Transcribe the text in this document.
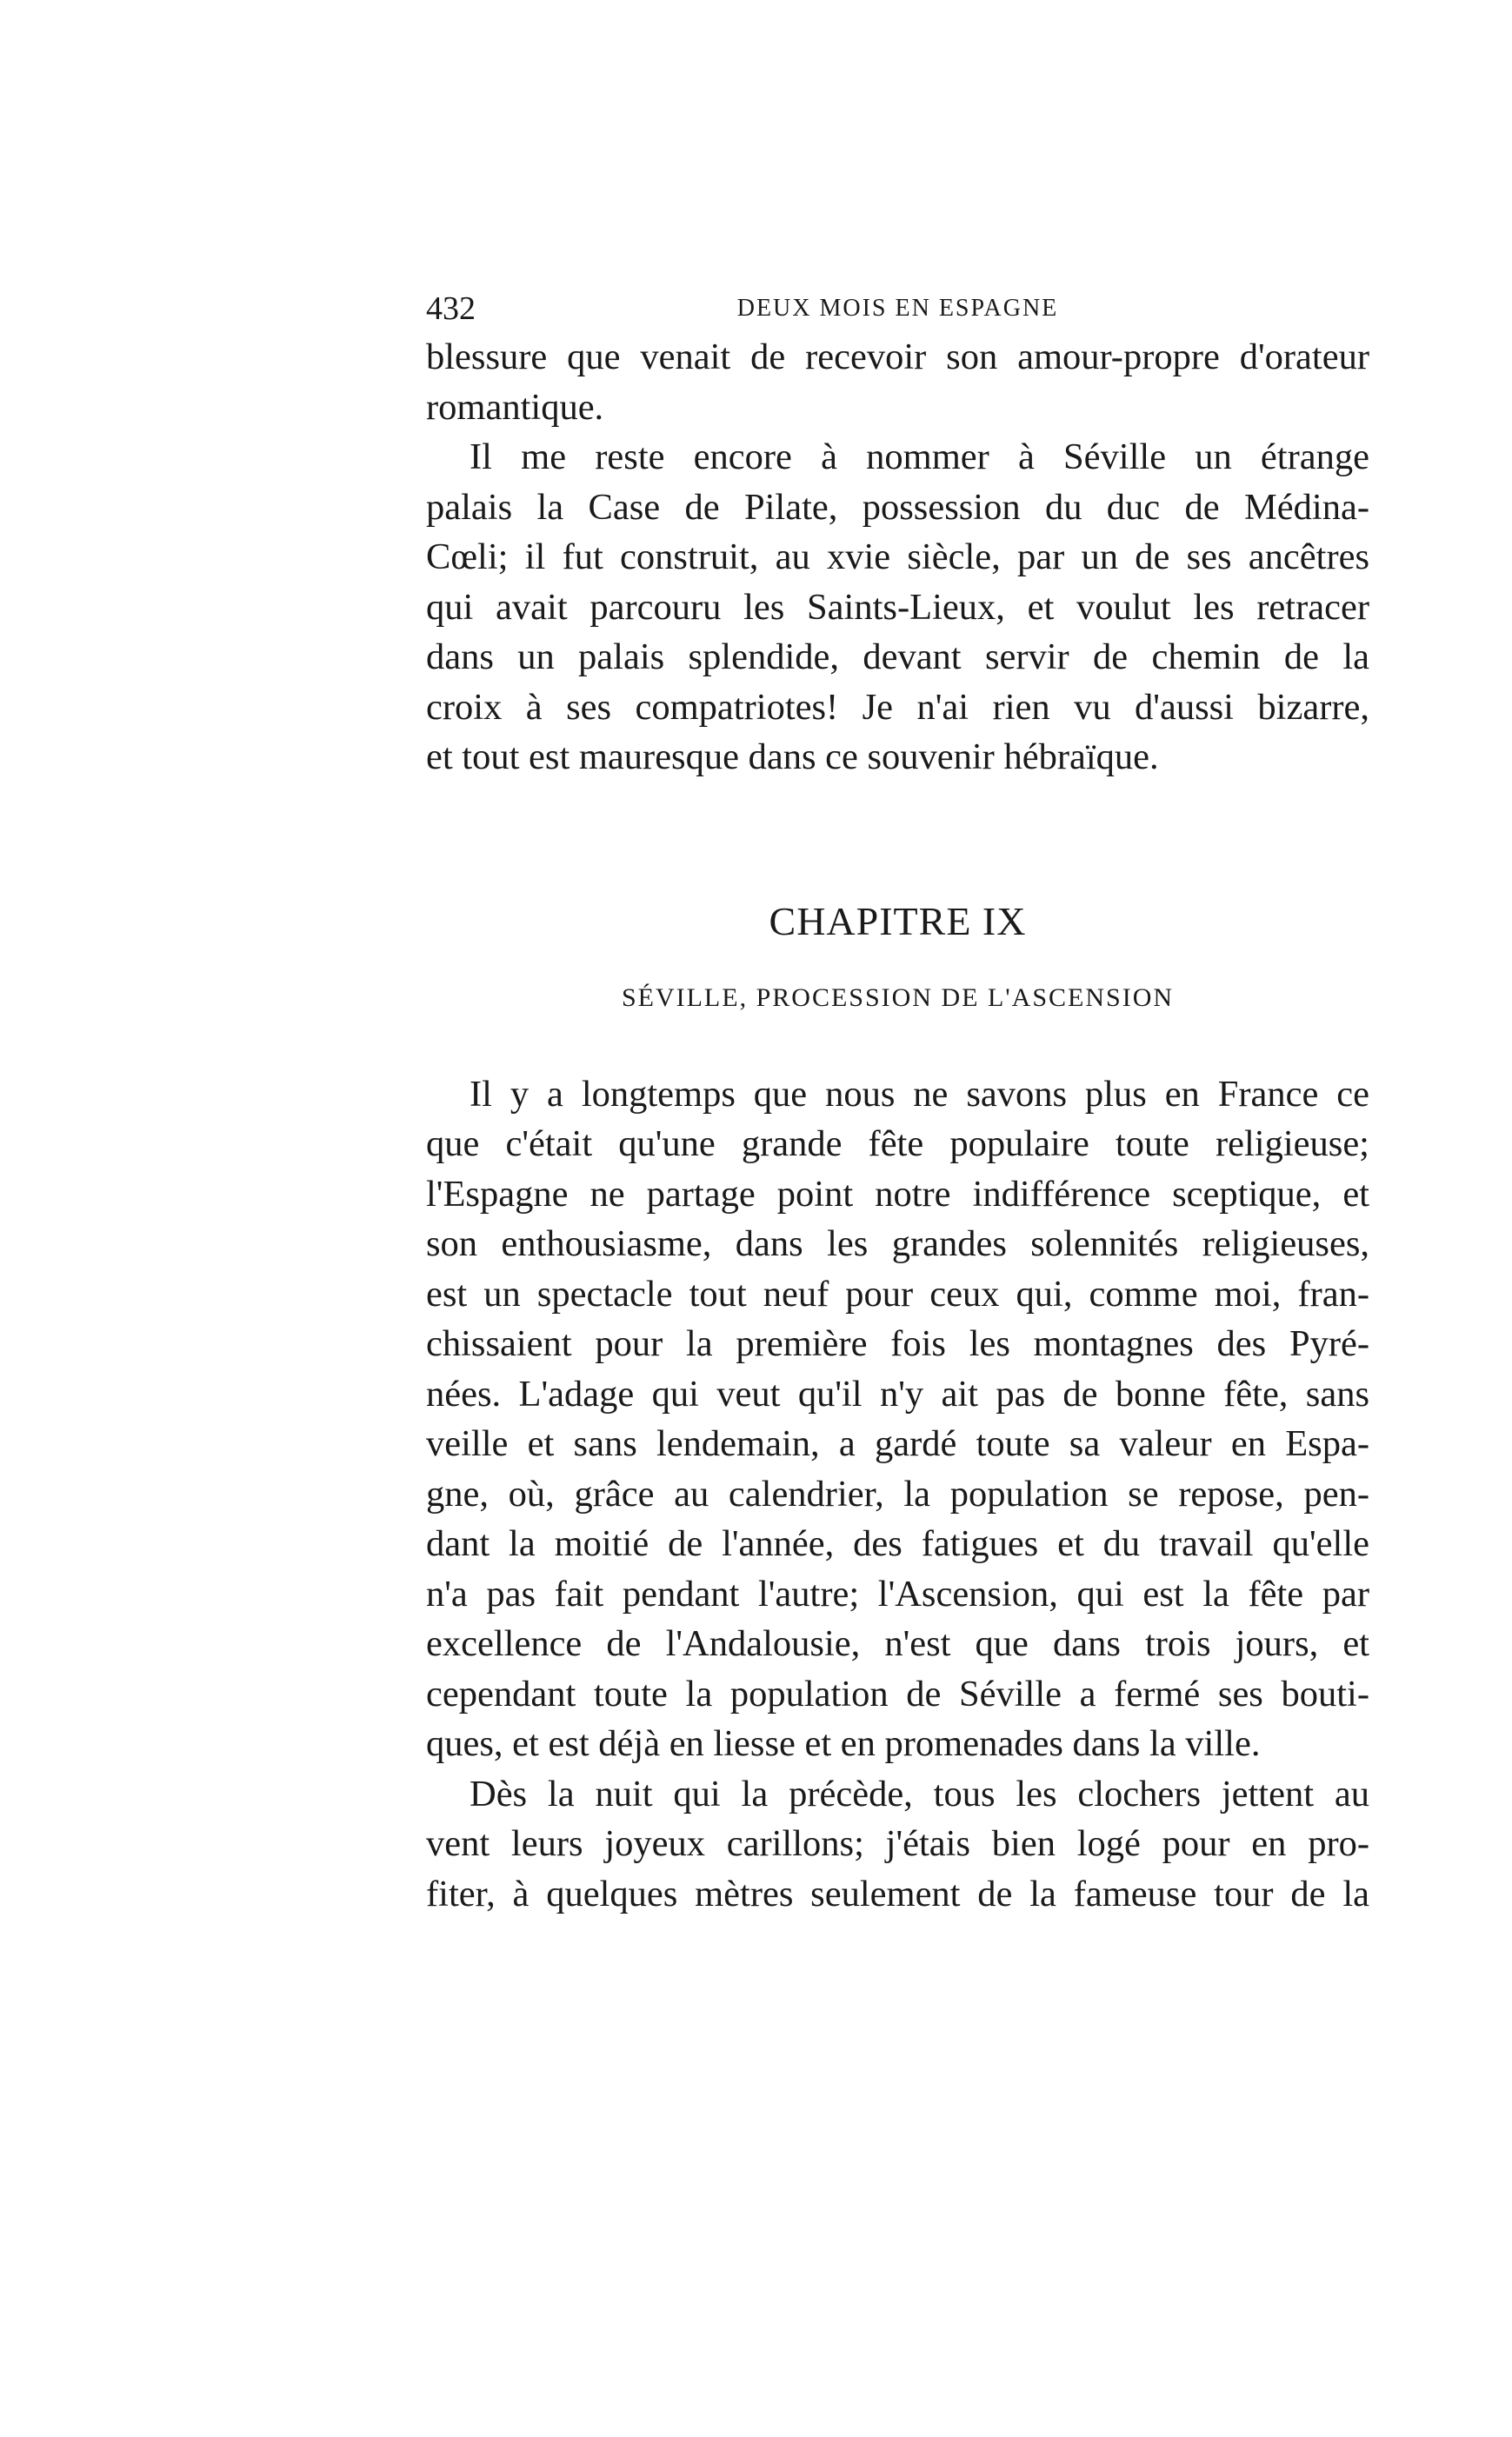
432	DEUX MOIS EN ESPAGNE
blessure que venait de recevoir son amour-propre d'orateur
romantique.
Il me reste encore à nommer à Séville un étrange
palais la Case de Pilate, possession du duc de Médina-
Cœli; il fut construit, au xvie siècle, par un de ses ancêtres
qui avait parcouru les Saints-Lieux, et voulut les retracer
dans un palais splendide, devant servir de chemin de la
croix à ses compatriotes! Je n'ai rien vu d'aussi bizarre,
et tout est mauresque dans ce souvenir hébraïque.
CHAPITRE IX
SÉVILLE, PROCESSION DE L'ASCENSION
Il y a longtemps que nous ne savons plus en France ce
que c'était qu'une grande fête populaire toute religieuse;
l'Espagne ne partage point notre indifférence sceptique, et
son enthousiasme, dans les grandes solennités religieuses,
est un spectacle tout neuf pour ceux qui, comme moi, fran-
chissaient pour la première fois les montagnes des Pyré-
nées. L'adage qui veut qu'il n'y ait pas de bonne fête, sans
veille et sans lendemain, a gardé toute sa valeur en Espa-
gne, où, grâce au calendrier, la population se repose, pen-
dant la moitié de l'année, des fatigues et du travail qu'elle
n'a pas fait pendant l'autre; l'Ascension, qui est la fête par
excellence de l'Andalousie, n'est que dans trois jours, et
cependant toute la population de Séville a fermé ses bouti-
ques, et est déjà en liesse et en promenades dans la ville.
Dès la nuit qui la précède, tous les clochers jettent au
vent leurs joyeux carillons; j'étais bien logé pour en pro-
fiter, à quelques mètres seulement de la fameuse tour de la
